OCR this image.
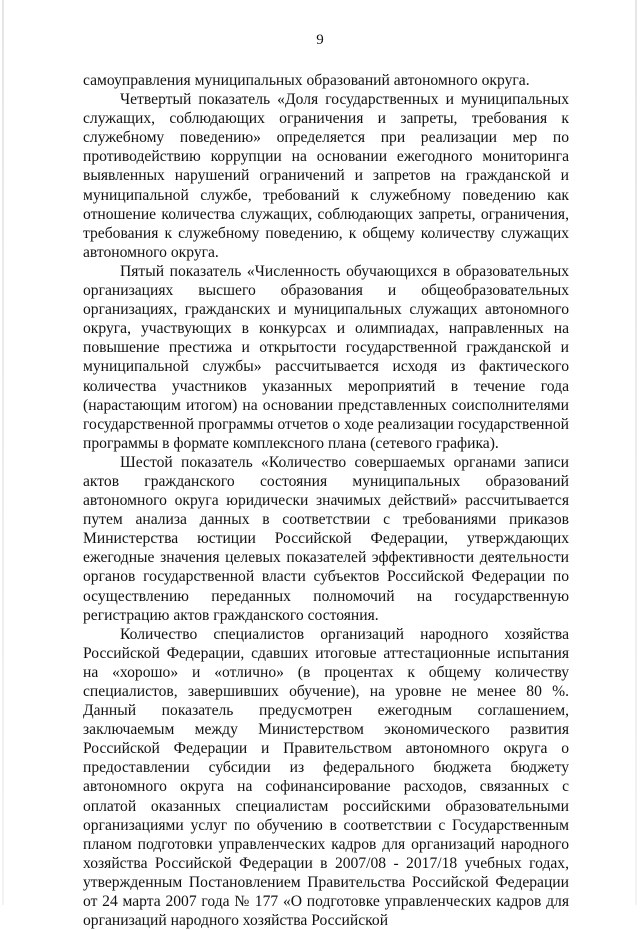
9

самоуправления муниципальных образований автономного округа.

Четвертый показатель «Доля государственных и муниципальных служащих, соблюдающих ограничения и запреты, требования к служебному поведению» определяется при реализации мер по противодействию коррупции на основании ежегодного мониторинга выявленных нарушений ограничений и запретов на гражданской и муниципальной службе, требований к служебному поведению как отношение количества служащих, соблюдающих запреты, ограничения, требования к служебному поведению, к общему количеству служащих автономного округа.

Пятый показатель «Численность обучающихся в образовательных организациях высшего образования и общеобразовательных организациях, гражданских и муниципальных служащих автономного округа, участвующих в конкурсах и олимпиадах, направленных на повышение престижа и открытости государственной гражданской и муниципальной службы» рассчитывается исходя из фактического количества участников указанных мероприятий в течение года (нарастающим итогом) на основании представленных соисполнителями государственной программы отчетов о ходе реализации государственной программы в формате комплексного плана (сетевого графика).

Шестой показатель «Количество совершаемых органами записи актов гражданского состояния муниципальных образований автономного округа юридически значимых действий» рассчитывается путем анализа данных в соответствии с требованиями приказов Министерства юстиции Российской Федерации, утверждающих ежегодные значения целевых показателей эффективности деятельности органов государственной власти субъектов Российской Федерации по осуществлению переданных полномочий на государственную регистрацию актов гражданского состояния.

Количество специалистов организаций народного хозяйства Российской Федерации, сдавших итоговые аттестационные испытания на «хорошо» и «отлично» (в процентах к общему количеству специалистов, завершивших обучение), на уровне не менее 80 %. Данный показатель предусмотрен ежегодным соглашением, заключаемым между Министерством экономического развития Российской Федерации и Правительством автономного округа о предоставлении субсидии из федерального бюджета бюджету автономного округа на софинансирование расходов, связанных с оплатой оказанных специалистам российскими образовательными организациями услуг по обучению в соответствии с Государственным планом подготовки управленческих кадров для организаций народного хозяйства Российской Федерации в 2007/08 - 2017/18 учебных годах, утвержденным Постановлением Правительства Российской Федерации от 24 марта 2007 года № 177 «О подготовке управленческих кадров для организаций народного хозяйства Российской
